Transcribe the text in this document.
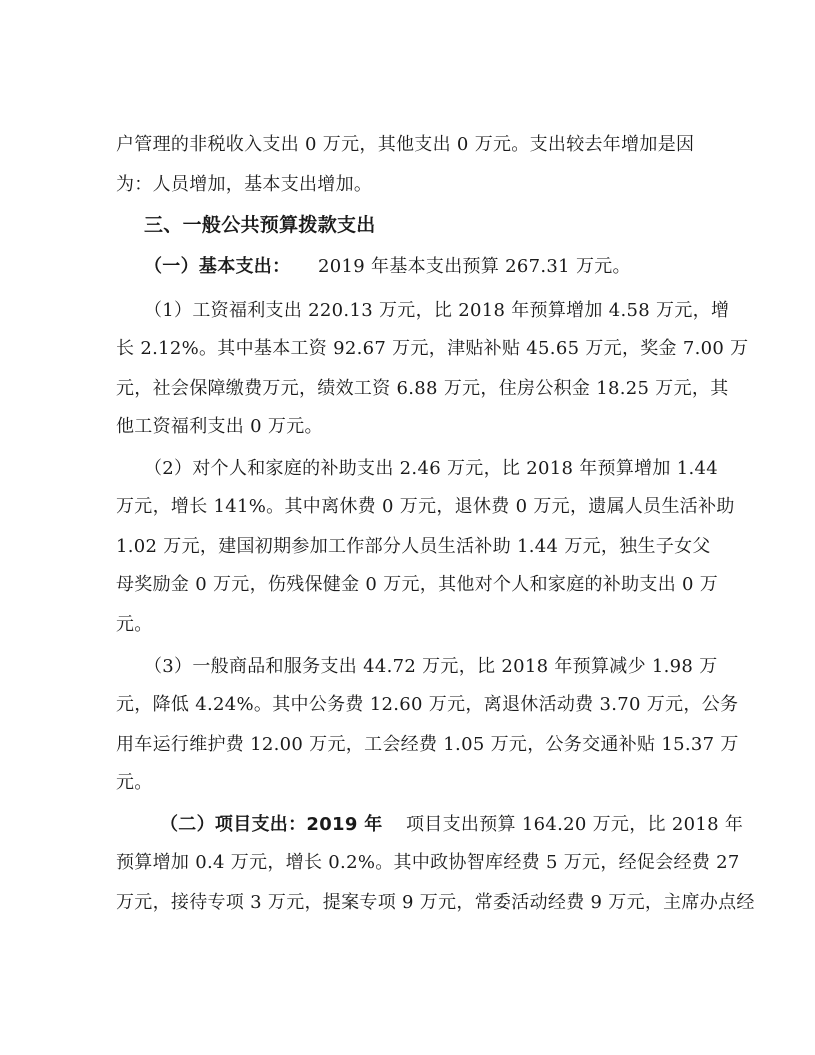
户管理的非税收入支出 0 万元，其他支出 0 万元。支出较去年增加是因
为：人员增加，基本支出增加。
三、一般公共预算拨款支出
（一）基本支出： 2019 年基本支出预算 267.31 万元。
（1）工资福利支出 220.13 万元，比 2018 年预算增加 4.58 万元，增
长 2.12%。其中基本工资 92.67 万元，津贴补贴 45.65 万元，奖金 7.00 万
元，社会保障缴费万元，绩效工资 6.88 万元，住房公积金 18.25 万元，其
他工资福利支出 0 万元。
（2）对个人和家庭的补助支出 2.46 万元，比 2018 年预算增加 1.44
万元，增长 141%。其中离休费 0 万元，退休费 0 万元，遗属人员生活补助
1.02 万元，建国初期参加工作部分人员生活补助 1.44 万元，独生子女父
母奖励金 0 万元，伤残保健金 0 万元，其他对个人和家庭的补助支出 0 万
元。
（3）一般商品和服务支出 44.72 万元，比 2018 年预算减少 1.98 万
元，降低 4.24%。其中公务费 12.60 万元，离退休活动费 3.70 万元，公务
用车运行维护费 12.00 万元，工会经费 1.05 万元，公务交通补贴 15.37 万
元。
（二）项目支出：2019 年 项目支出预算 164.20 万元，比 2018 年
预算增加 0.4 万元，增长 0.2%。其中政协智库经费 5 万元，经促会经费 27
万元，接待专项 3 万元，提案专项 9 万元，常委活动经费 9 万元，主席办点经
